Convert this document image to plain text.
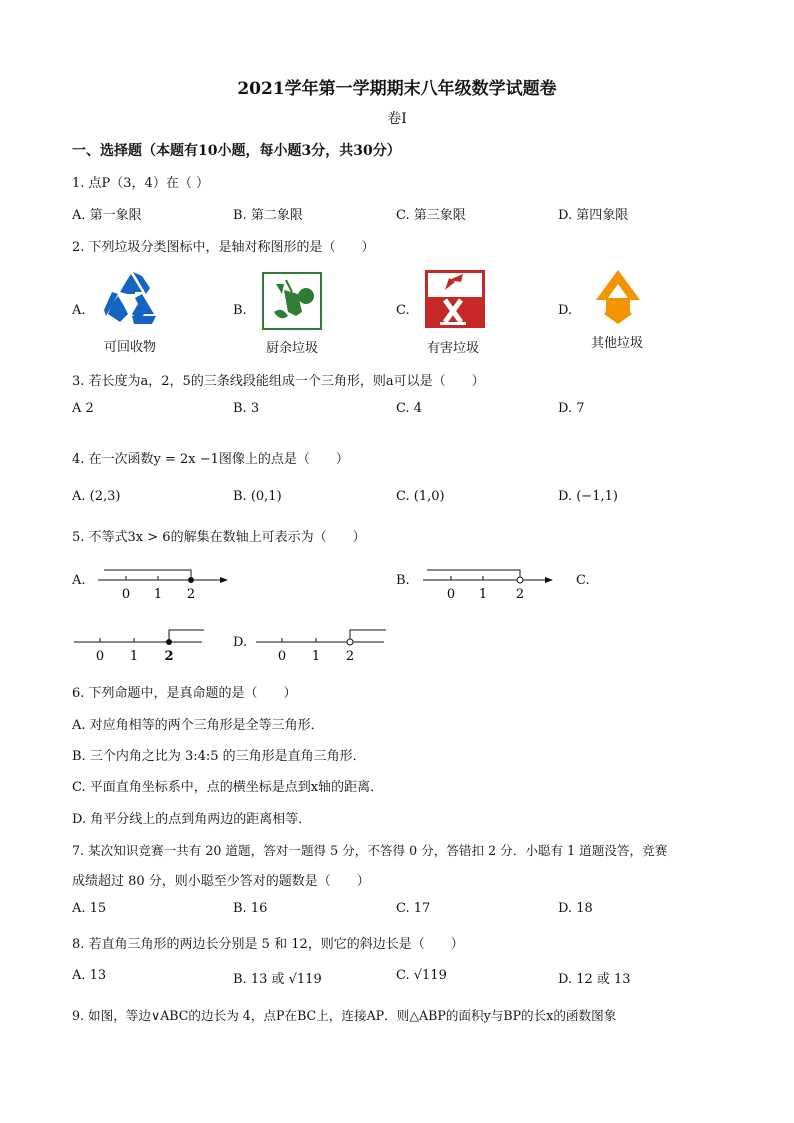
2021学年第一学期期末八年级数学试题卷
卷Ⅰ
一、选择题（本题有10小题，每小题3分，共30分）
1. 点P（3，4）在（ ）
A. 第一象限	B. 第二象限	C. 第三象限	D. 第四象限
2. 下列垃圾分类图标中，是轴对称图形的是（　　）
A.	B.	C.	D.
可回收物	厨余垃圾	有害垃圾	其他垃圾
3. 若长度为a，2，5的三条线段能组成一个三角形，则a可以是（　　）
A 2	B. 3	C. 4	D. 7
4. 在一次函数y = 2x −1图像上的点是（　　）
A. (2,3)	B. (0,1)	C. (1,0)	D. (−1,1)
5. 不等式3x > 6的解集在数轴上可表示为（　　）
A.
0 1 2
B.
0 1 2
C.
0 1 2
D.
0 1 2
6. 下列命题中，是真命题的是（　　）
A. 对应角相等的两个三角形是全等三角形．
B. 三个内角之比为 3:4:5 的三角形是直角三角形．
C. 平面直角坐标系中，点的横坐标是点到x轴的距离．
D. 角平分线上的点到角两边的距离相等．
7. 某次知识竞赛一共有 20 道题，答对一题得 5 分，不答得 0 分，答错扣 2 分．小聪有 1 道题没答，竞赛
成绩超过 80 分，则小聪至少答对的题数是（　　）
A. 15	B. 16	C. 17	D. 18
8. 若直角三角形的两边长分别是 5 和 12，则它的斜边长是（　　）
A. 13	B. 13 或 √119	C. √119	D. 12 或 13
9. 如图，等边∨ABC的边长为 4，点P在BC上，连接AP．则△ABP的面积y与BP的长x的函数图象
